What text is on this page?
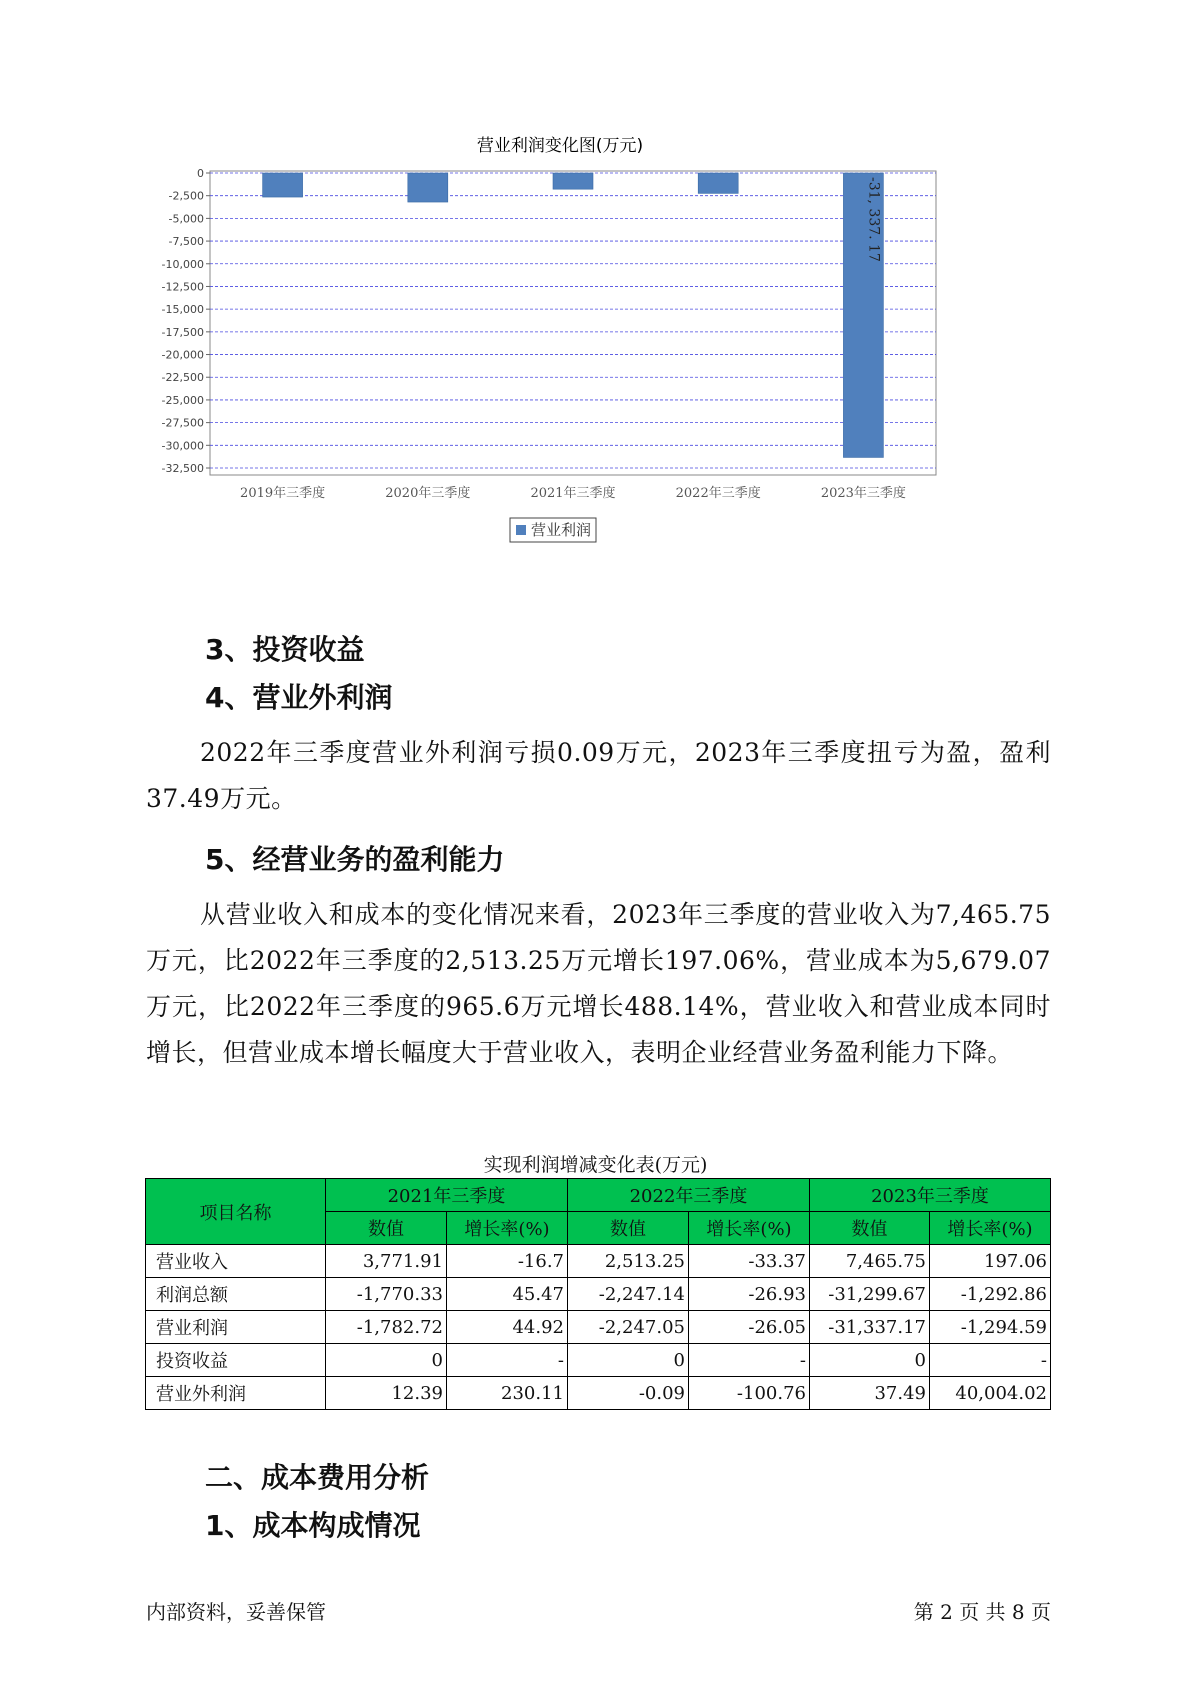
营业利润变化图(万元)
0
-2,500
-5,000
-7,500
-10,000
-12,500
-15,000
-17,500
-20,000
-22,500
-25,000
-27,500
-30,000
-32,500
-31, 337. 17
2019年三季度	2020年三季度	2021年三季度	2022年三季度	2023年三季度
营业利润
3、投资收益
4、营业外利润

2022年三季度营业外利润亏损0.09万元，2023年三季度扭亏为盈，盈利37.49万元。

5、经营业务的盈利能力

从营业收入和成本的变化情况来看，2023年三季度的营业收入为7,465.75万元，比2022年三季度的2,513.25万元增长197.06%，营业成本为5,679.07万元，比2022年三季度的965.6万元增长488.14%，营业收入和营业成本同时增长，但营业成本增长幅度大于营业收入，表明企业经营业务盈利能力下降。

实现利润增减变化表(万元)
项目名称	2021年三季度		2022年三季度		2023年三季度	
	数值	增长率(%)	数值	增长率(%)	数值	增长率(%)
营业收入	3,771.91	-16.7	2,513.25	-33.37	7,465.75	197.06
利润总额	-1,770.33	45.47	-2,247.14	-26.93	-31,299.67	-1,292.86
营业利润	-1,782.72	44.92	-2,247.05	-26.05	-31,337.17	-1,294.59
投资收益	0	-	0	-	0	-
营业外利润	12.39	230.11	-0.09	-100.76	37.49	40,004.02
二、成本费用分析
1、成本构成情况
内部资料，妥善保管	第 2 页 共 8 页
